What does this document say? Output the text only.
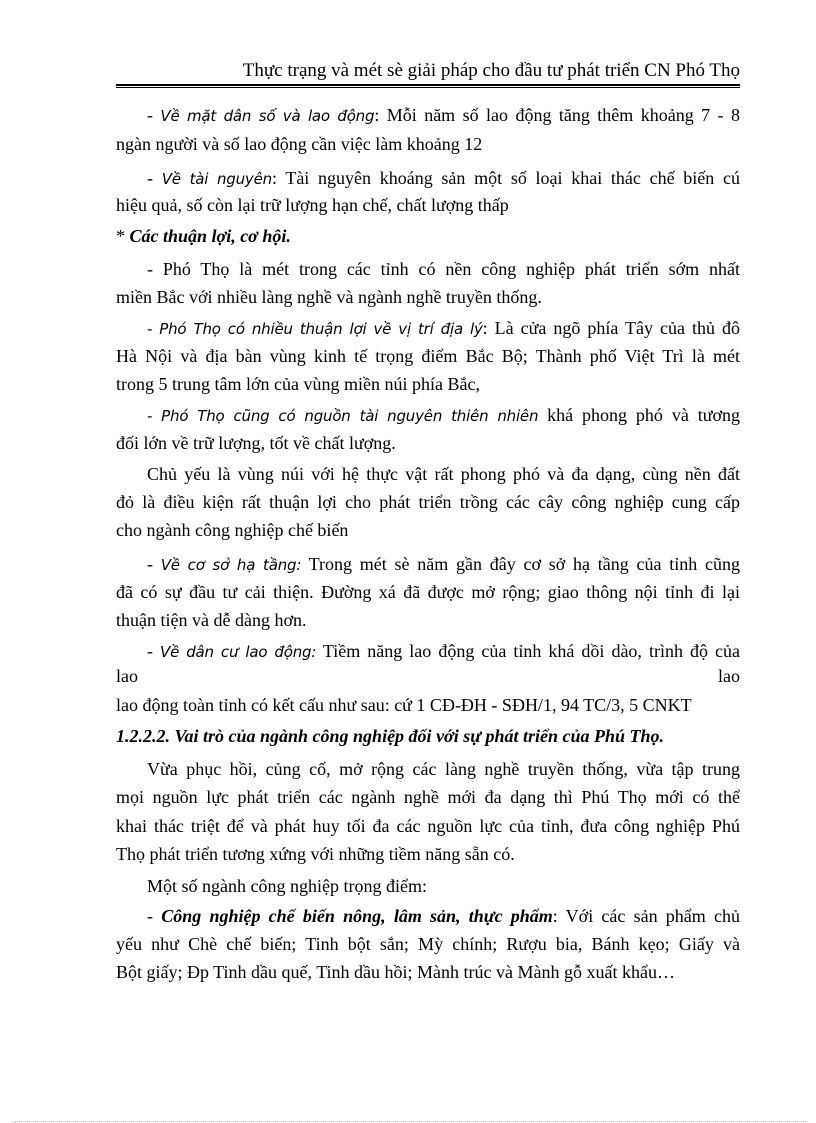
Thực trạng và mét sè giải pháp cho đầu tư phát triển CN Phó Thọ
- Về mặt dân số và lao động: Mỗi năm số lao động tăng thêm khoảng 7 - 8
ngàn người và số lao động cần việc làm khoảng 12
- Về tài nguyên: Tài nguyên khoáng sản một số loại khai thác chế biến cú
hiệu quả, số còn lại trữ lượng hạn chế, chất lượng thấp
* Các thuận lợi, cơ hội.
- Phó Thọ là mét trong các tỉnh có nền công nghiệp phát triển sớm nhất
miền Bắc với nhiều làng nghề và ngành nghề truyền thống.
- Phó Thọ có nhiều thuận lợi về vị trí địa lý: Là cửa ngõ phía Tây của thủ đô
Hà Nội và địa bàn vùng kinh tế trọng điểm Bắc Bộ; Thành phố Việt Trì là mét
trong 5 trung tâm lớn của vùng miền núi phía Bắc,
- Phó Thọ cũng có nguồn tài nguyên thiên nhiên khá phong phó và tương
đối lớn về trữ lượng, tốt về chất lượng.
Chủ yếu là vùng núi với hệ thực vật rất phong phó và đa dạng, cùng nền đất
đỏ là điều kiện rất thuận lợi cho phát triển trồng các cây công nghiệp cung cấp
cho ngành công nghiệp chế biến
- Về cơ sở hạ tầng: Trong mét sè năm gần đây cơ sở hạ tầng của tỉnh cũng
đã có sự đầu tư cải thiện. Đường xá đã được mở rộng; giao thông nội tỉnh đi lại
thuận tiện và dễ dàng hơn.
- Về dân cư lao động: Tiềm năng lao động của tỉnh khá dồi dào, trình độ của
lao lao
lao động toàn tỉnh có kết cấu như sau: cứ 1 CĐ-ĐH - SĐH/1, 94 TC/3, 5 CNKT
1.2.2.2. Vai trò của ngành công nghiệp đối với sự phát triển của Phú Thọ.
Vừa phục hồi, củng cố, mở rộng các làng nghề truyền thống, vừa tập trung
mọi nguồn lực phát triển các ngành nghề mới đa dạng thì Phú Thọ mới có thể
khai thác triệt để và phát huy tối đa các nguồn lực của tỉnh, đưa công nghiệp Phú
Thọ phát triển tương xứng với những tiềm năng sẵn có.
Một số ngành công nghiệp trọng điểm:
- Công nghiệp chế biến nông, lâm sản, thực phẩm: Với các sản phẩm chủ
yếu như Chè chế biến; Tinh bột sắn; Mỳ chính; Rượu bia, Bánh kẹo; Giấy và
Bột giấy; Đp Tinh dầu quế, Tinh dầu hồi; Mành trúc và Mành gỗ xuất khẩu…
